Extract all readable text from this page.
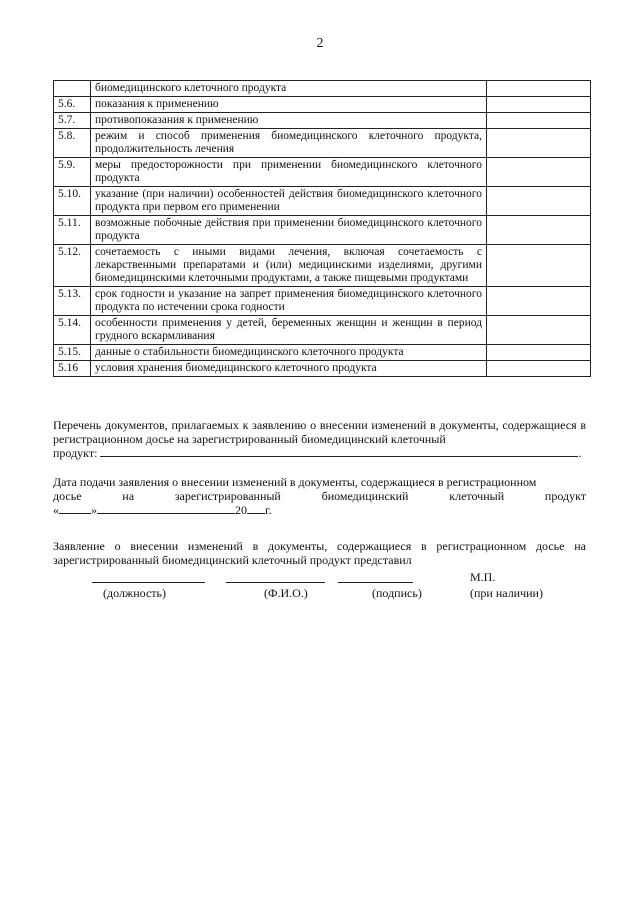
2
	биомедицинского клеточного продукта	
5.6.	показания к применению	
5.7.	противопоказания к применению	
5.8.	режим и способ применения биомедицинского клеточного продукта, продолжительность лечения	
5.9.	меры предосторожности при применении биомедицинского клеточного продукта	
5.10.	указание (при наличии) особенностей действия биомедицинского клеточного продукта при первом его применении	
5.11.	возможные побочные действия при применении биомедицинского клеточного продукта	
5.12.	сочетаемость с иными видами лечения, включая сочетаемость с лекарственными препаратами и (или) медицинскими изделиями, другими биомедицинскими клеточными продуктами, а также пищевыми продуктами	
5.13.	срок годности и указание на запрет применения биомедицинского клеточного продукта по истечении срока годности	
5.14.	особенности применения у детей, беременных женщин и женщин в период грудного вскармливания	
5.15.	данные о стабильности биомедицинского клеточного продукта	
5.16	условия хранения биомедицинского клеточного продукта	
Перечень документов, прилагаемых к заявлению о внесении изменений в документы, содержащиеся в регистрационном досье на зарегистрированный биомедицинский клеточный
продукт:	.
Дата подачи заявления о внесении изменений в документы, содержащиеся в регистрационном
досье	на	зарегистрированный	биомедицинский	клеточный	продукт
«	»	20 г.
Заявление о внесении изменений в документы, содержащиеся в регистрационном досье на зарегистрированный биомедицинский клеточный продукт представил
М.П.
(должность)	(Ф.И.О.)	(подпись)	(при наличии)
